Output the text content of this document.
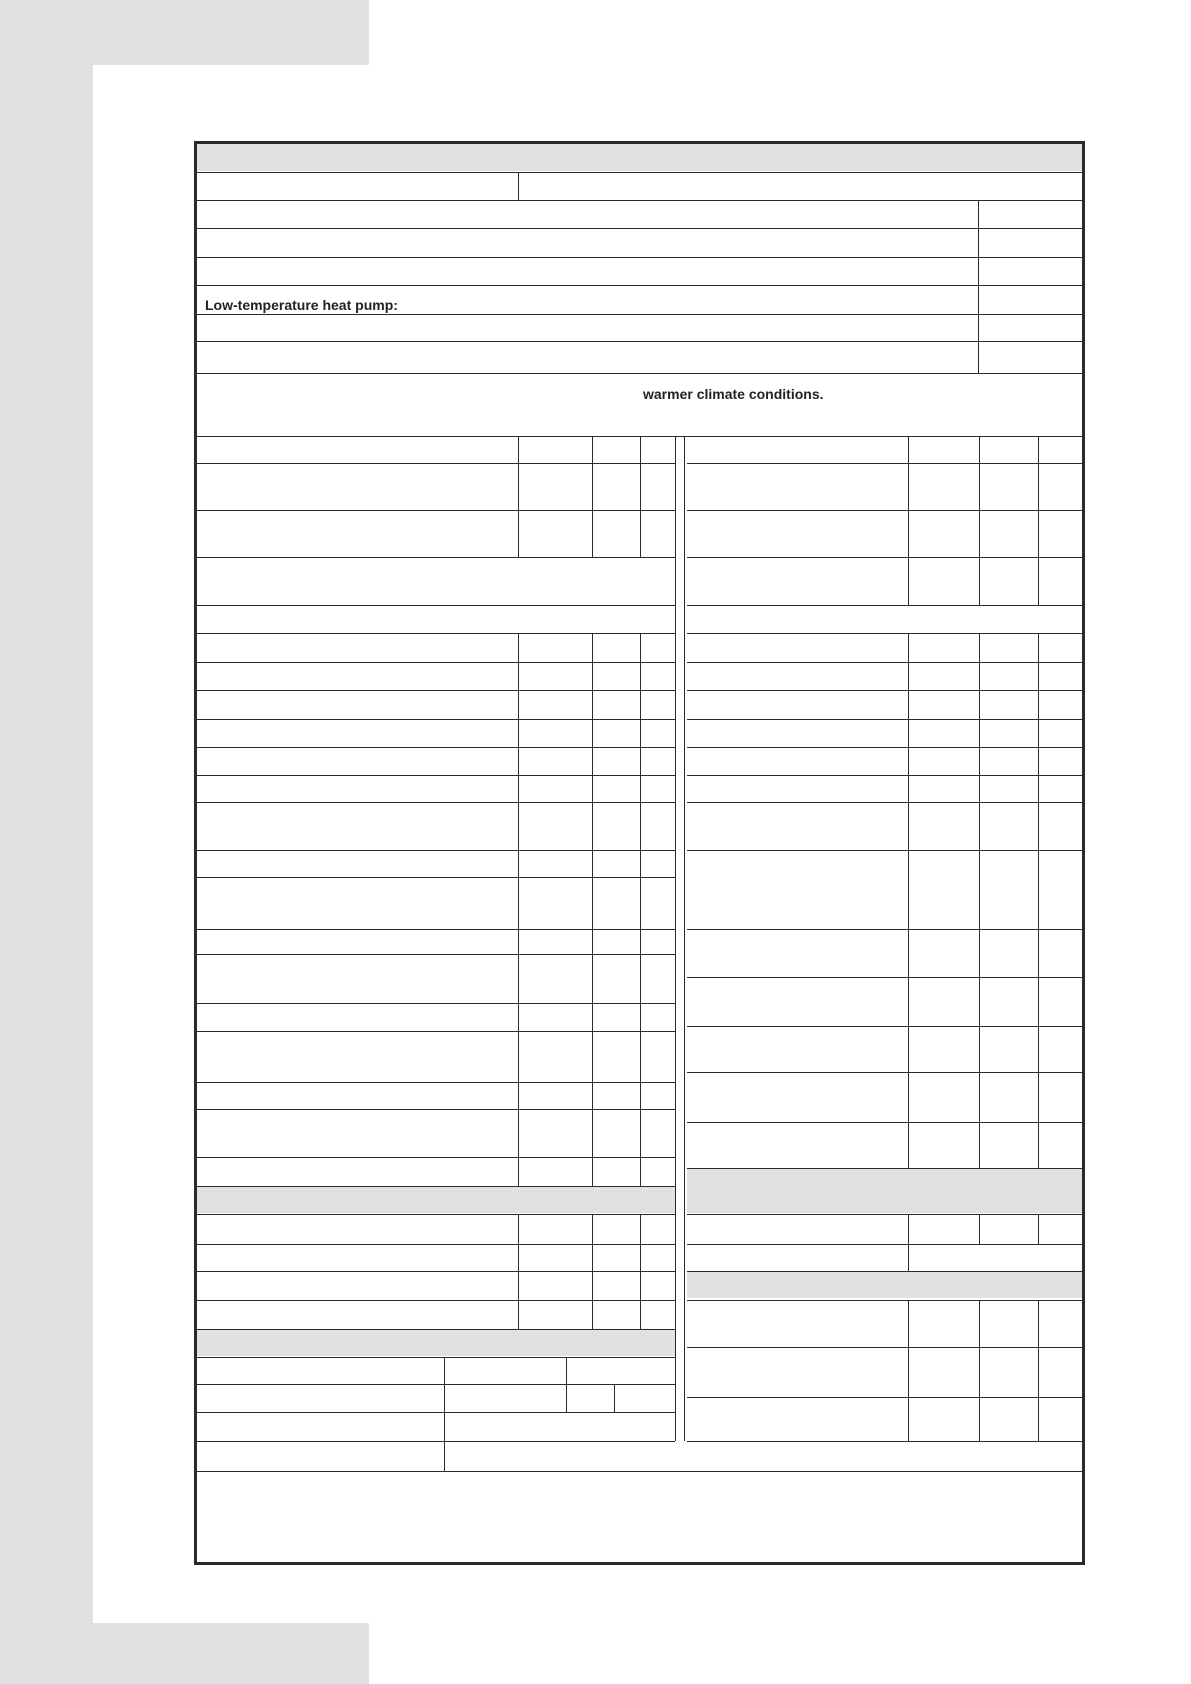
Low-temperature heat pump:
warmer climate conditions.
